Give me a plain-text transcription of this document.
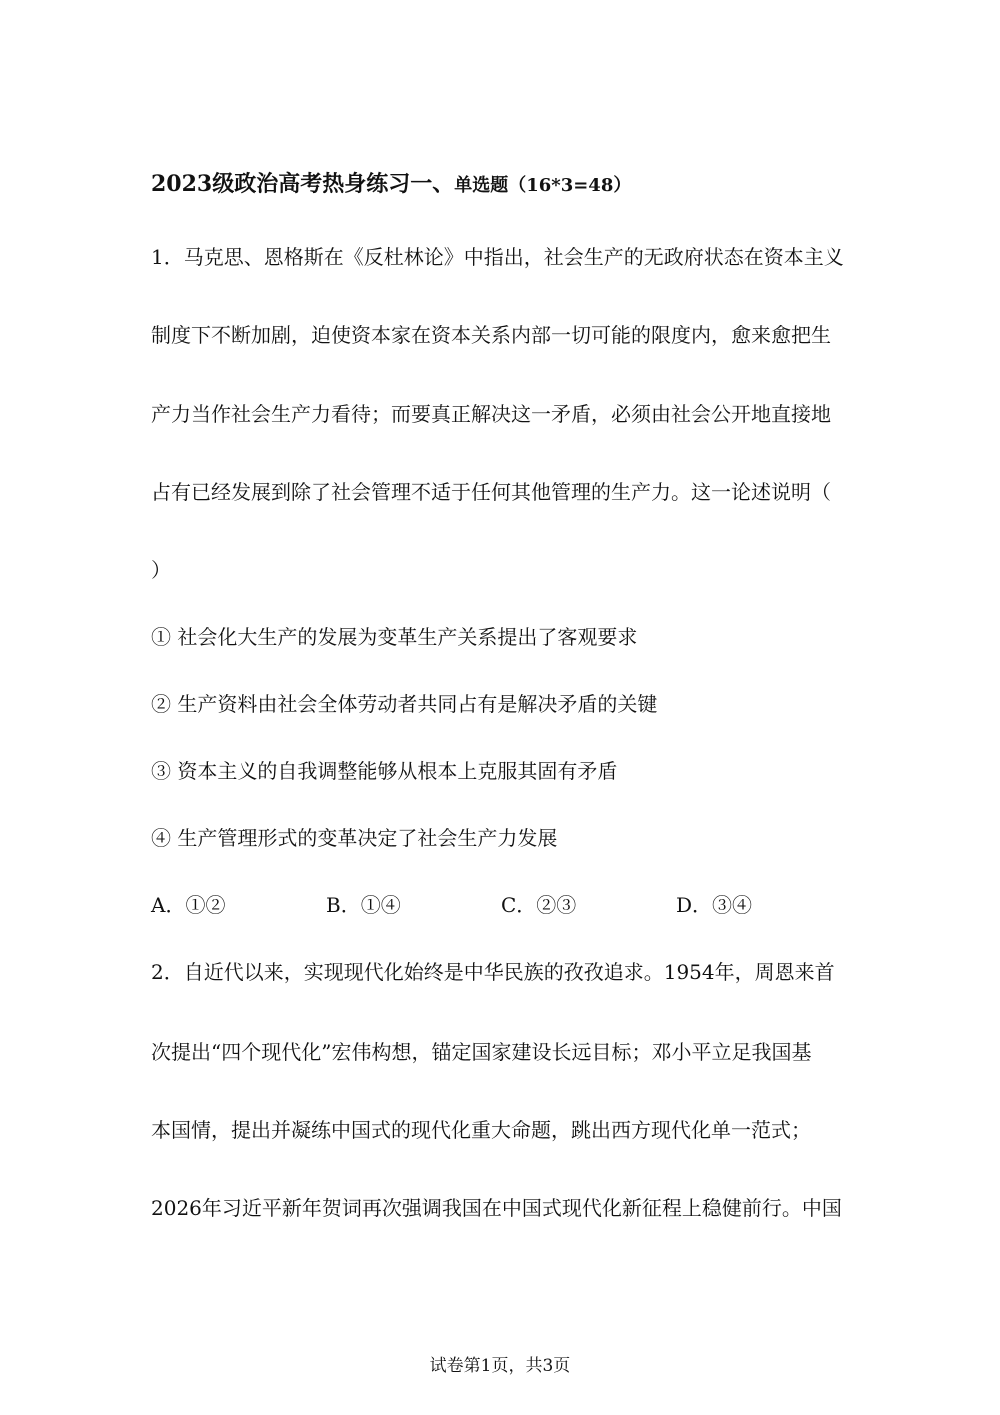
2023级政治高考热身练习一、单选题（16*3=48）
1．马克思、恩格斯在《反杜林论》中指出，社会生产的无政府状态在资本主义
制度下不断加剧，迫使资本家在资本关系内部一切可能的限度内，愈来愈把生
产力当作社会生产力看待；而要真正解决这一矛盾，必须由社会公开地直接地
占有已经发展到除了社会管理不适于任何其他管理的生产力。这一论述说明（
）
① 社会化大生产的发展为变革生产关系提出了客观要求
② 生产资料由社会全体劳动者共同占有是解决矛盾的关键
③ 资本主义的自我调整能够从根本上克服其固有矛盾
④ 生产管理形式的变革决定了社会生产力发展
A．①②	B．①④	C．②③	D．③④
2．自近代以来，实现现代化始终是中华民族的孜孜追求。1954年，周恩来首
次提出“四个现代化”宏伟构想，锚定国家建设长远目标；邓小平立足我国基
本国情，提出并凝练中国式的现代化重大命题，跳出西方现代化单一范式；
2026年习近平新年贺词再次强调我国在中国式现代化新征程上稳健前行。中国
试卷第1页，共3页
